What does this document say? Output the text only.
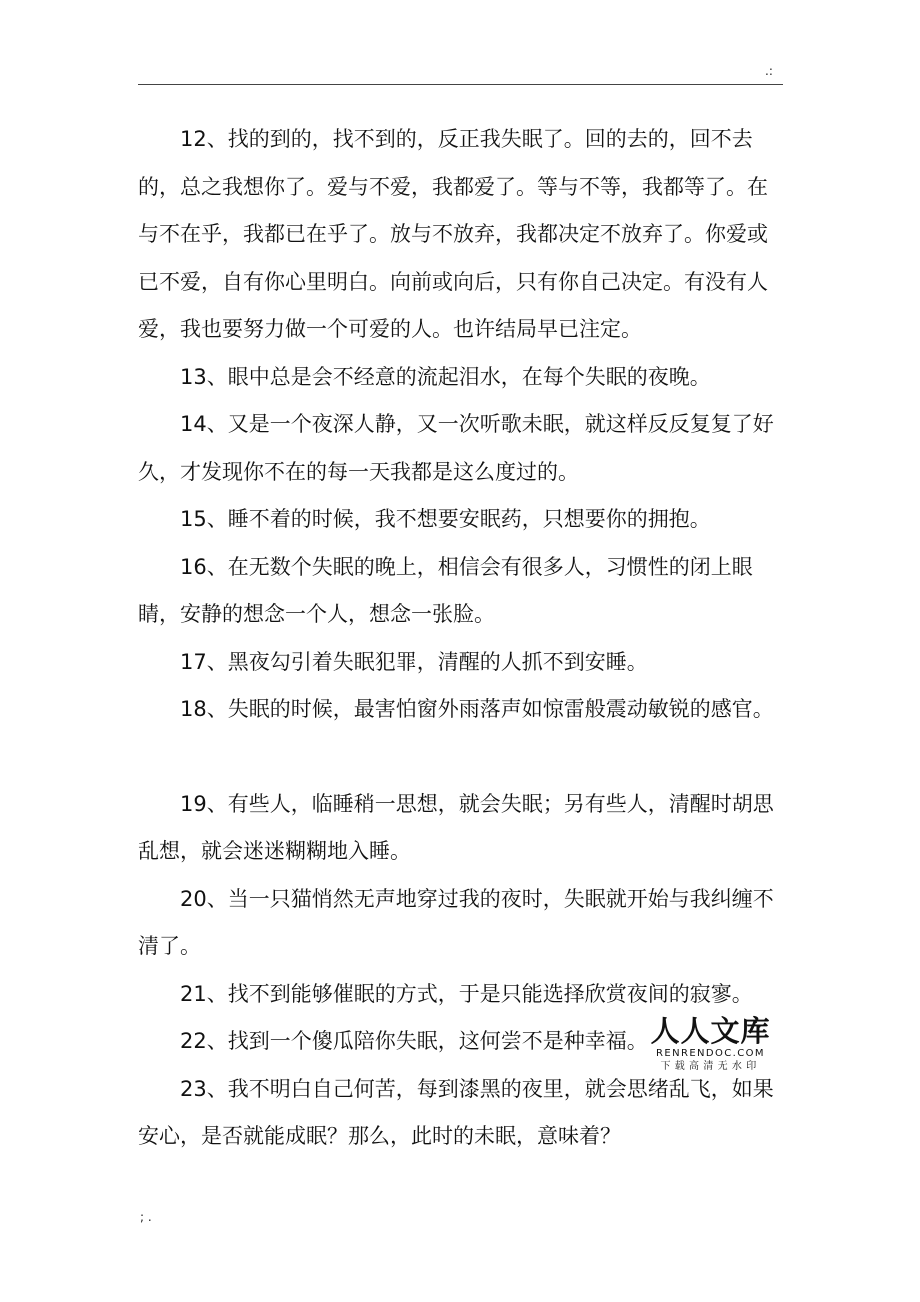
.:

12、找的到的，找不到的，反正我失眠了。回的去的，回不去的，总之我想你了。爱与不爱，我都爱了。等与不等，我都等了。在与不在乎，我都已在乎了。放与不放弃，我都决定不放弃了。你爱或已不爱，自有你心里明白。向前或向后，只有你自己决定。有没有人爱，我也要努力做一个可爱的人。也许结局早已注定。

13、眼中总是会不经意的流起泪水，在每个失眠的夜晚。

14、又是一个夜深人静，又一次听歌未眠，就这样反反复复了好久，才发现你不在的每一天我都是这么度过的。

15、睡不着的时候，我不想要安眠药，只想要你的拥抱。

16、在无数个失眠的晚上，相信会有很多人，习惯性的闭上眼睛，安静的想念一个人，想念一张脸。

17、黑夜勾引着失眠犯罪，清醒的人抓不到安睡。

18、失眠的时候，最害怕窗外雨落声如惊雷般震动敏锐的感官。

19、有些人，临睡稍一思想，就会失眠；另有些人，清醒时胡思乱想，就会迷迷糊糊地入睡。

20、当一只猫悄然无声地穿过我的夜时，失眠就开始与我纠缠不清了。

21、找不到能够催眠的方式，于是只能选择欣赏夜间的寂寥。

22、找到一个傻瓜陪你失眠，这何尝不是种幸福。

23、我不明白自己何苦，每到漆黑的夜里，就会思绪乱飞，如果安心，是否就能成眠？那么，此时的未眠，意味着？

人人文库
RENRENDOC.COM
下载高清无水印
; .
